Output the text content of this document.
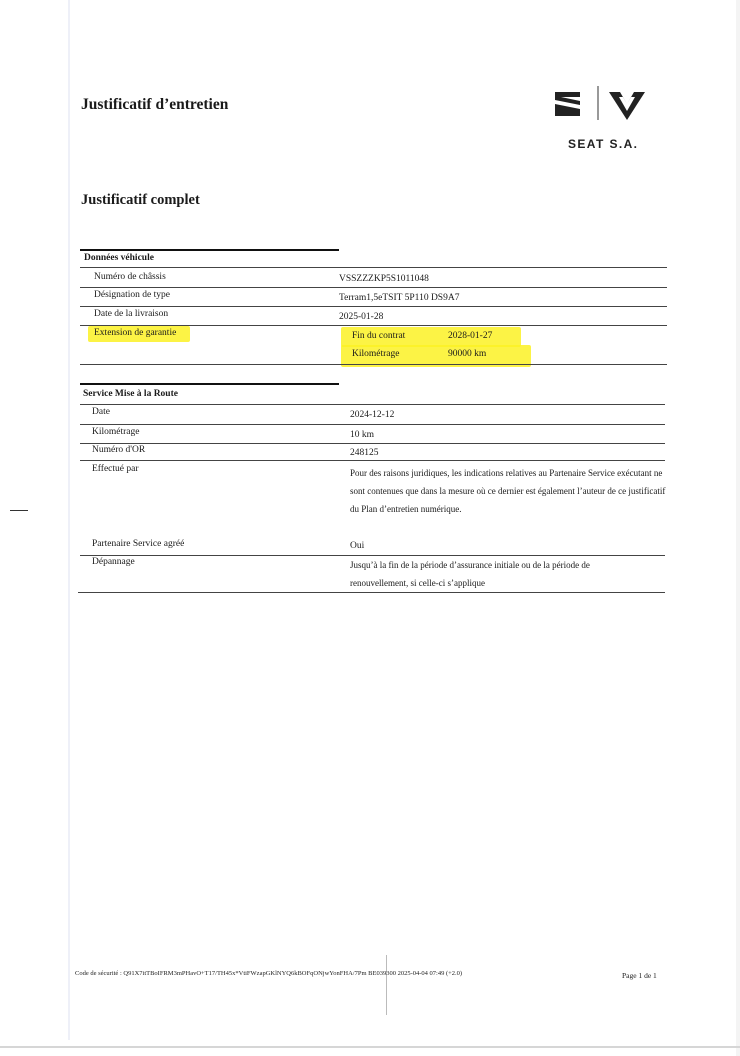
Justificatif d’entretien
SEAT S.A.
Justificatif complet
Données véhicule
Numéro de châssis	VSSZZZKP5S1011048
Désignation de type	Terram1,5eTSIT 5P110 DS9A7
Date de la livraison	2025-01-28
Extension de garantie	Fin du contrat	2028-01-27
Kilométrage	90000 km
Service Mise à la Route
Date	2024-12-12
Kilométrage	10 km
Numéro d'OR	248125
Effectué par	Pour des raisons juridiques, les indications relatives au Partenaire Service exécutant ne sont contenues que dans la mesure où ce dernier est également l’auteur de ce justificatif du Plan d’entretien numérique.
Partenaire Service agréé	Oui
Dépannage	Jusqu’à la fin de la période d’assurance initiale ou de la période de renouvellement, si celle-ci s’applique
Code de sécurité : Q91X7itTBoIFRM3mPHavO+T17/TH45x*VtiFWzapGKlNYQ6kBOFqONjwYonFHA/7Pm BE039300 2025-04-04 07:49 (+2.0)	Page 1 de 1
